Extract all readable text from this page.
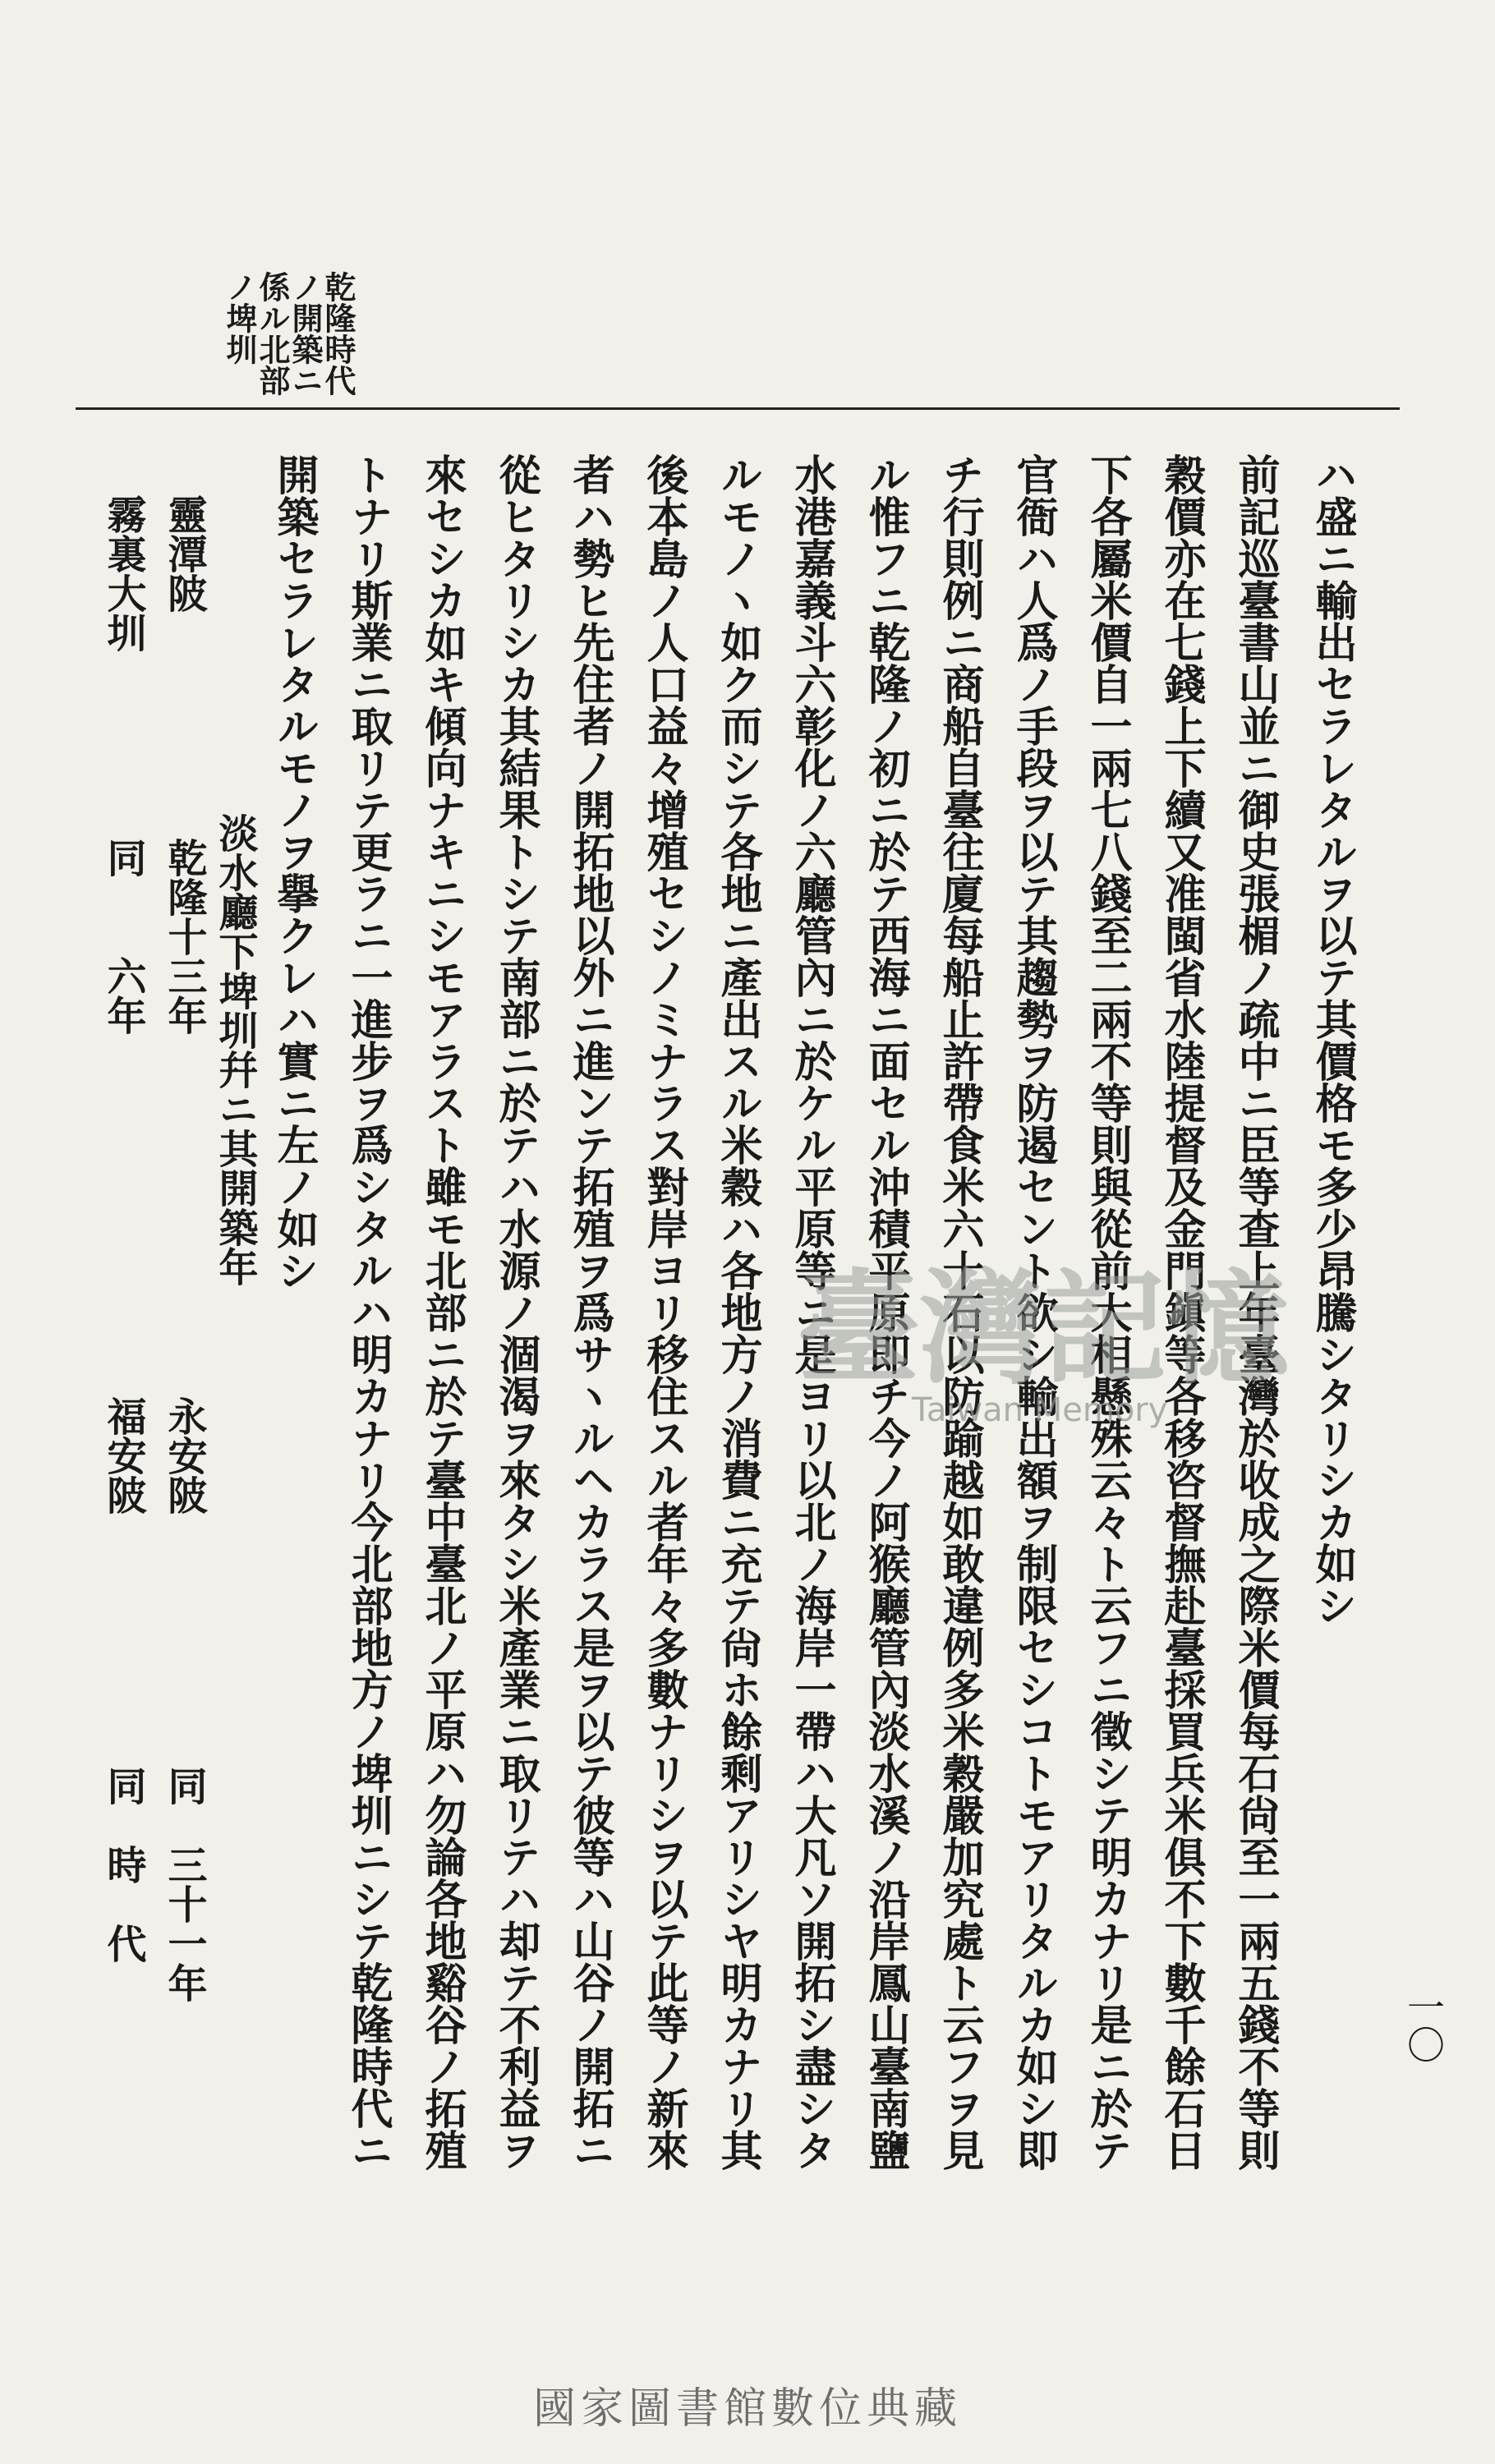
乾隆時代
ノ開築ニ
係ル北部
ノ埤圳
ハ盛ニ輸出セラレタルヲ以テ其價格モ多少昂騰シタリシカ如シ
前記巡臺書山並ニ御史張楣ノ疏中ニ臣等查上年臺灣於收成之際米價每石尙至一兩五錢不等則
穀價亦在七錢上下續又准閩省水陸提督及金門鎭等各移咨督撫赴臺採買兵米俱不下數千餘石日
下各屬米價自一兩七八錢至二兩不等則與從前大相懸殊云々ト云フニ徵シテ明カナリ是ニ於テ
官衙ハ人爲ノ手段ヲ以テ其趨勢ヲ防遏セント欲シ輸出額ヲ制限セシコトモアリタルカ如シ即
チ行則例ニ商船自臺往廈每船止許帶食米六十石以防踰越如敢違例多米穀嚴加究處ト云フヲ見
ル惟フニ乾隆ノ初ニ於テ西海ニ面セル沖積平原即チ今ノ阿猴廳管內淡水溪ノ沿岸鳳山臺南鹽
水港嘉義斗六彰化ノ六廳管內ニ於ケル平原等ニ是ヨリ以北ノ海岸一帶ハ大凡ソ開拓シ盡シタ
ルモノヽ如ク而シテ各地ニ產出スル米穀ハ各地方ノ消費ニ充テ尙ホ餘剩アリシヤ明カナリ其
後本島ノ人口益々增殖セシノミナラス對岸ヨリ移住スル者年々多數ナリシヲ以テ此等ノ新來
者ハ勢ヒ先住者ノ開拓地以外ニ進ンテ拓殖ヲ爲サヽルヘカラス是ヲ以テ彼等ハ山谷ノ開拓ニ
從ヒタリシカ其結果トシテ南部ニ於テハ水源ノ涸渴ヲ來タシ米產業ニ取リテハ却テ不利益ヲ
來セシカ如キ傾向ナキニシモアラスト雖モ北部ニ於テ臺中臺北ノ平原ハ勿論各地谿谷ノ拓殖
トナリ斯業ニ取リテ更ラニ一進步ヲ爲シタルハ明カナリ今北部地方ノ埤圳ニシテ乾隆時代ニ
開築セラレタルモノヲ擧クレハ實ニ左ノ如シ
淡水廳下埤圳幷ニ其開築年
靈潭陂
乾隆十三年
永安陂
同　三十一年
霧裏大圳
同　　六年
福安陂
同　時　代
一〇
臺灣記憶
Taiwan Memory
國家圖書館數位典藏
